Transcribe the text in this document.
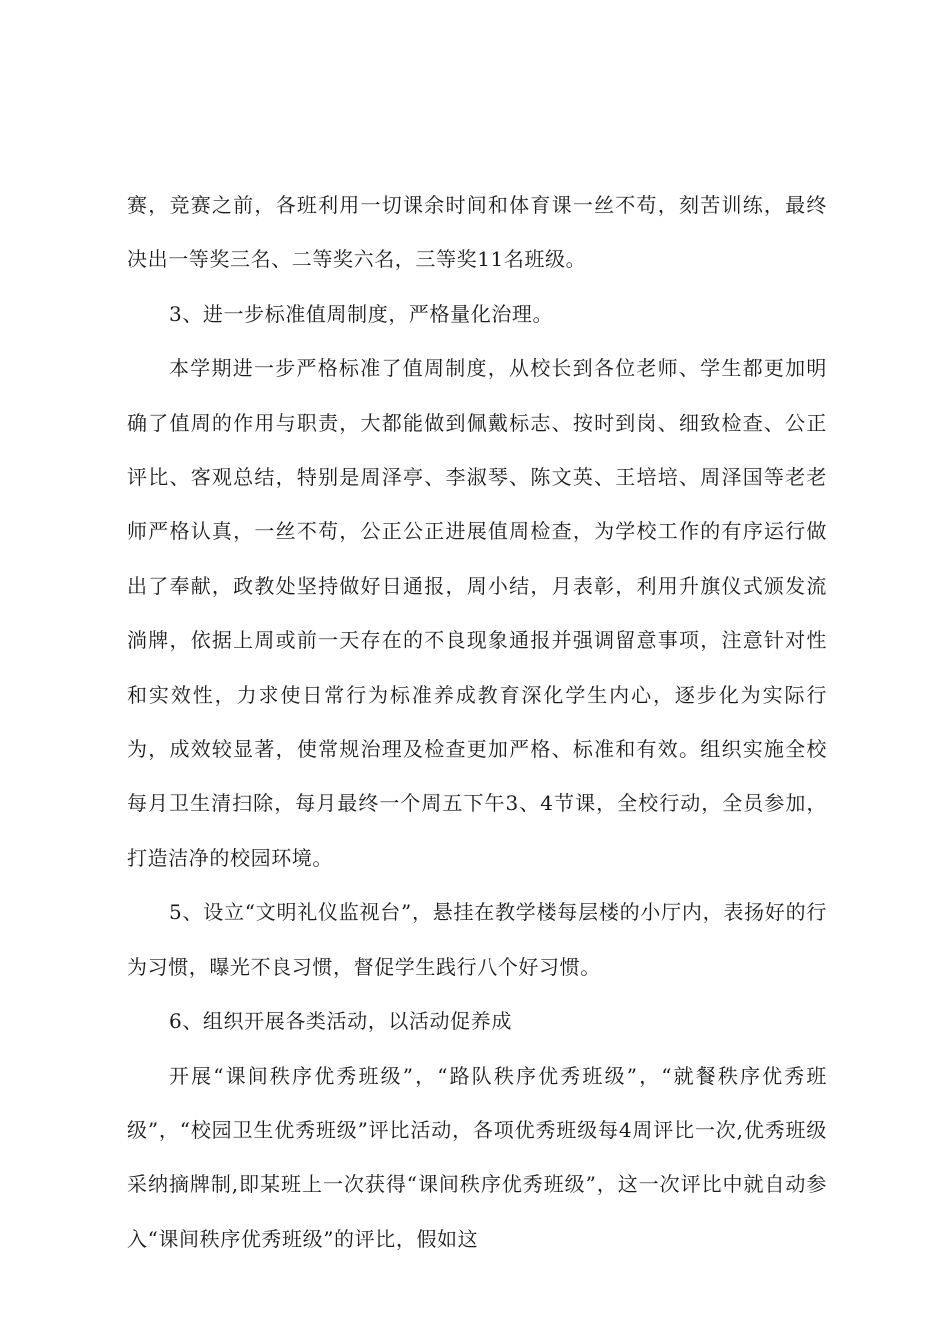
赛，竞赛之前，各班利用一切课余时间和体育课一丝不苟，刻苦训练，最终决出一等奖三名、二等奖六名，三等奖11名班级。

3、进一步标准值周制度，严格量化治理。

本学期进一步严格标准了值周制度，从校长到各位老师、学生都更加明确了值周的作用与职责，大都能做到佩戴标志、按时到岗、细致检查、公正评比、客观总结，特别是周泽亭、李淑琴、陈文英、王培培、周泽国等老老师严格认真，一丝不苟，公正公正进展值周检查，为学校工作的有序运行做出了奉献，政教处坚持做好日通报，周小结，月表彰，利用升旗仪式颁发流淌牌，依据上周或前一天存在的不良现象通报并强调留意事项，注意针对性和实效性，力求使日常行为标准养成教育深化学生内心，逐步化为实际行为，成效较显著，使常规治理及检查更加严格、标准和有效。组织实施全校每月卫生清扫除，每月最终一个周五下午3、4节课，全校行动，全员参加，打造洁净的校园环境。

5、设立“文明礼仪监视台”，悬挂在教学楼每层楼的小厅内，表扬好的行为习惯，曝光不良习惯，督促学生践行八个好习惯。

6、组织开展各类活动，以活动促养成

开展“课间秩序优秀班级”，“路队秩序优秀班级”，“就餐秩序优秀班级”，“校园卫生优秀班级”评比活动，各项优秀班级每4周评比一次,优秀班级采纳摘牌制,即某班上一次获得“课间秩序优秀班级”，这一次评比中就自动参入“课间秩序优秀班级”的评比，假如这
